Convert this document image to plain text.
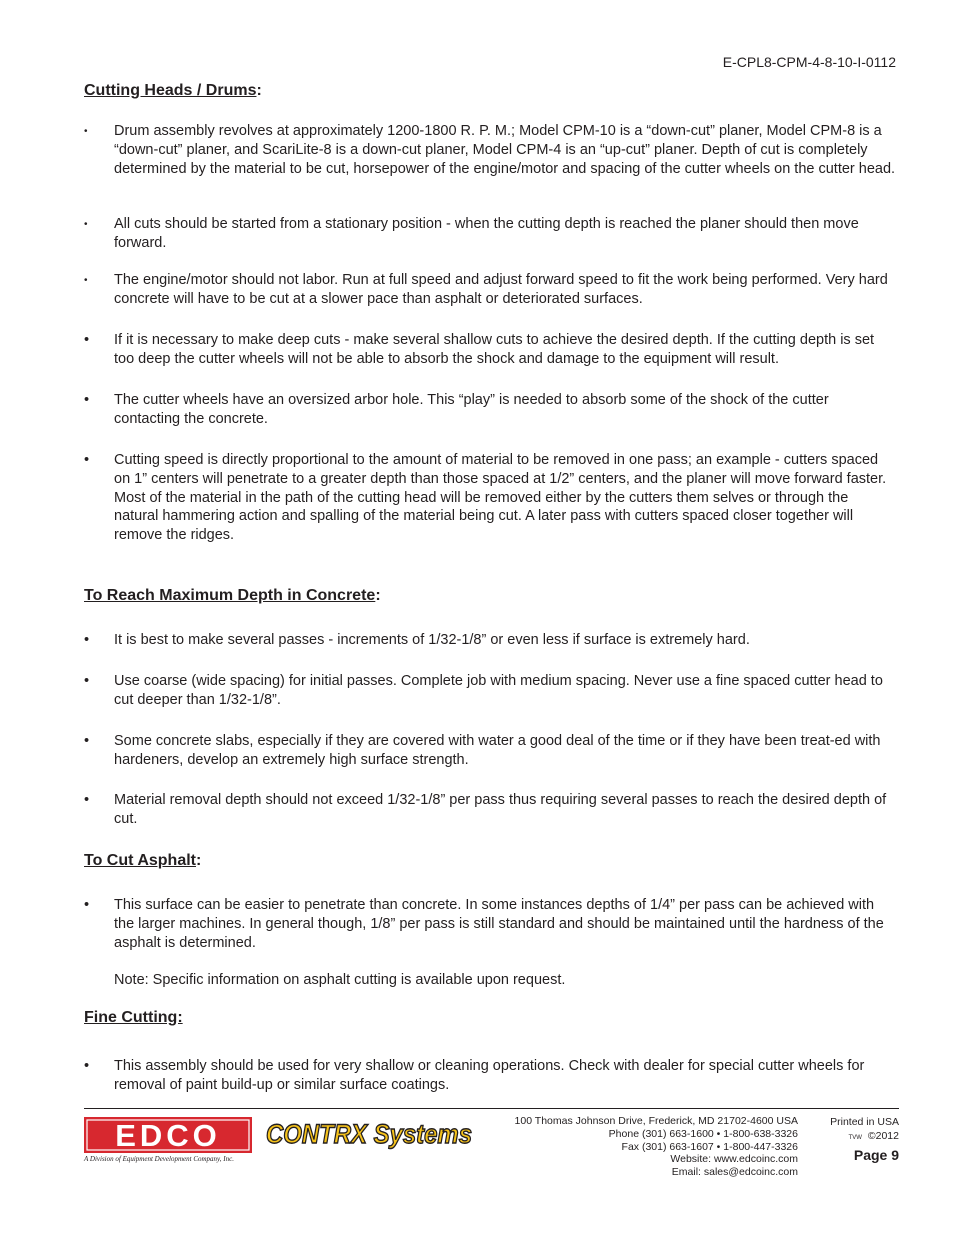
E-CPL8-CPM-4-8-10-I-0112
Cutting Heads / Drums:
•	Drum assembly revolves at approximately 1200-1800 R. P. M.; Model CPM-10 is a “down-cut” planer, Model CPM-8 is a “down-cut” planer, and ScariLite-8 is a down-cut planer, Model CPM-4 is an “up-cut” planer. Depth of cut is completely determined by the material to be cut, horsepower of the engine/motor and spacing of the cutter wheels on the cutter head.
•	All cuts should be started from a stationary position - when the cutting depth is reached the planer should then move forward.
•	The engine/motor should not labor. Run at full speed and adjust forward speed to fit the work being performed. Very hard concrete will have to be cut at a slower pace than asphalt or deteriorated surfaces.
•	If it is necessary to make deep cuts - make several shallow cuts to achieve the desired depth. If the cutting depth is set too deep the cutter wheels will not be able to absorb the shock and damage to the equipment will result.
•	The cutter wheels have an oversized arbor hole. This “play” is needed to absorb some of the shock of the cutter contacting the concrete.
•	Cutting speed is directly proportional to the amount of material to be removed in one pass; an example - cutters spaced on 1” centers will penetrate to a greater depth than those spaced at 1/2” centers, and the planer will move forward faster. Most of the material in the path of the cutting head will be removed either by the cutters them selves or through the natural hammering action and spalling of the material being cut. A later pass with cutters spaced closer together will remove the ridges.
To Reach Maximum Depth in Concrete:
•	It is best to make several passes - increments of 1/32-1/8” or even less if surface is extremely hard.
•	Use coarse (wide spacing) for initial passes. Complete job with medium spacing. Never use a fine spaced cutter head to cut deeper than 1/32-1/8”.
•	Some concrete slabs, especially if they are covered with water a good deal of the time or if they have been treat-ed with hardeners, develop an extremely high surface strength.
•	Material removal depth should not exceed 1/32-1/8” per pass thus requiring several passes to reach the desired depth of cut.
To Cut Asphalt:
•	This surface can be easier to penetrate than concrete. In some instances depths of 1/4” per pass can be achieved with the larger machines. In general though, 1/8” per pass is still standard and should be maintained until the hardness of the asphalt is determined.
Note: Specific information on asphalt cutting is available upon request.
Fine Cutting:
•	This assembly should be used for very shallow or cleaning operations. Check with dealer for special cutter wheels for removal of paint build-up or similar surface coatings.
EDCO
A Division of Equipment Development Company, Inc.
CONTRX Systems	100 Thomas Johnson Drive, Frederick, MD 21702-4600 USA
Phone (301) 663-1600 • 1-800-638-3326
Fax (301) 663-1607 • 1-800-447-3326
Website: www.edcoinc.com
Email: sales@edcoinc.com
Printed in USA
TVW ©2012
Page 9
